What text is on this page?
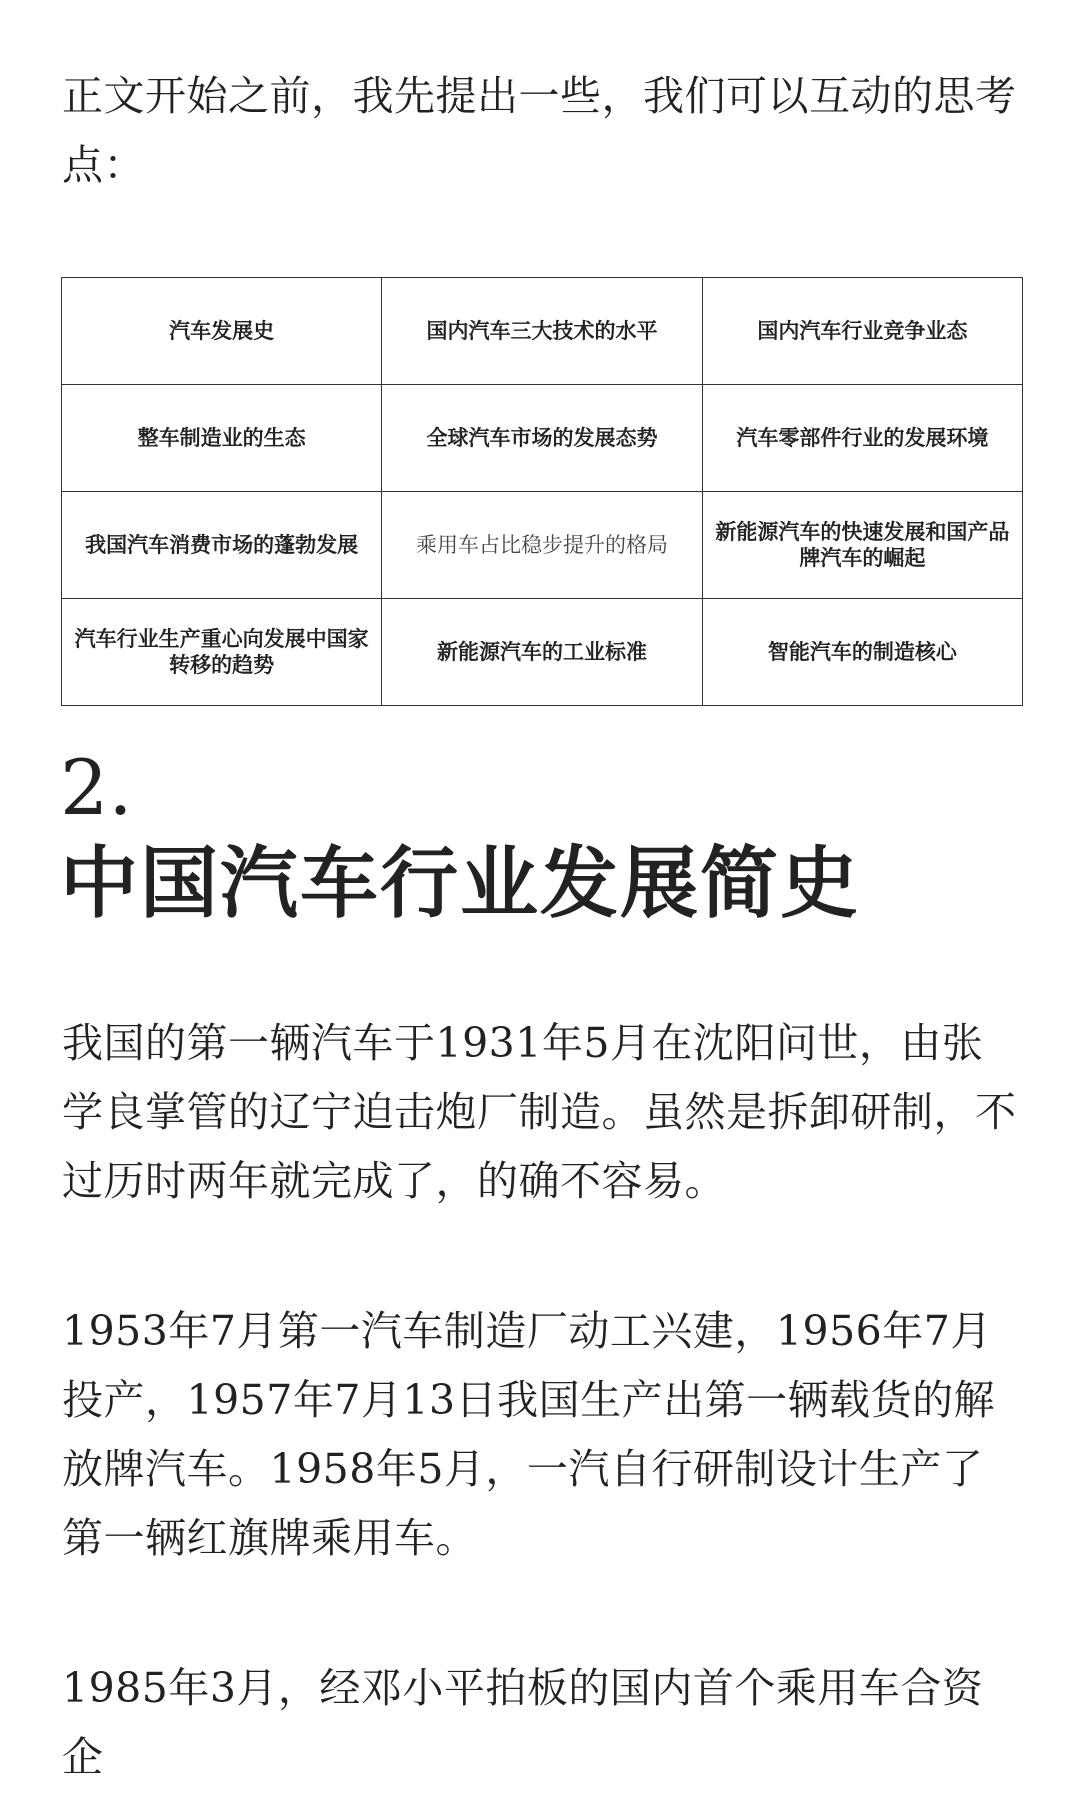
正文开始之前，我先提出一些，我们可以互动的思考点：

汽车发展史	国内汽车三大技术的水平	国内汽车行业竞争业态
整车制造业的生态	全球汽车市场的发展态势	汽车零部件行业的发展环境
我国汽车消费市场的蓬勃发展	乘用车占比稳步提升的格局	新能源汽车的快速发展和国产品牌汽车的崛起
汽车行业生产重心向发展中国家转移的趋势	新能源汽车的工业标准	智能汽车的制造核心
2.
中国汽车行业发展简史

我国的第一辆汽车于1931年5月在沈阳问世，由张学良掌管的辽宁迫击炮厂制造。虽然是拆卸研制，不过历时两年就完成了，的确不容易。

1953年7月第一汽车制造厂动工兴建，1956年7月投产，1957年7月13日我国生产出第一辆载货的解放牌汽车。1958年5月，一汽自行研制设计生产了第一辆红旗牌乘用车。

1985年3月，经邓小平拍板的国内首个乘用车合资企
